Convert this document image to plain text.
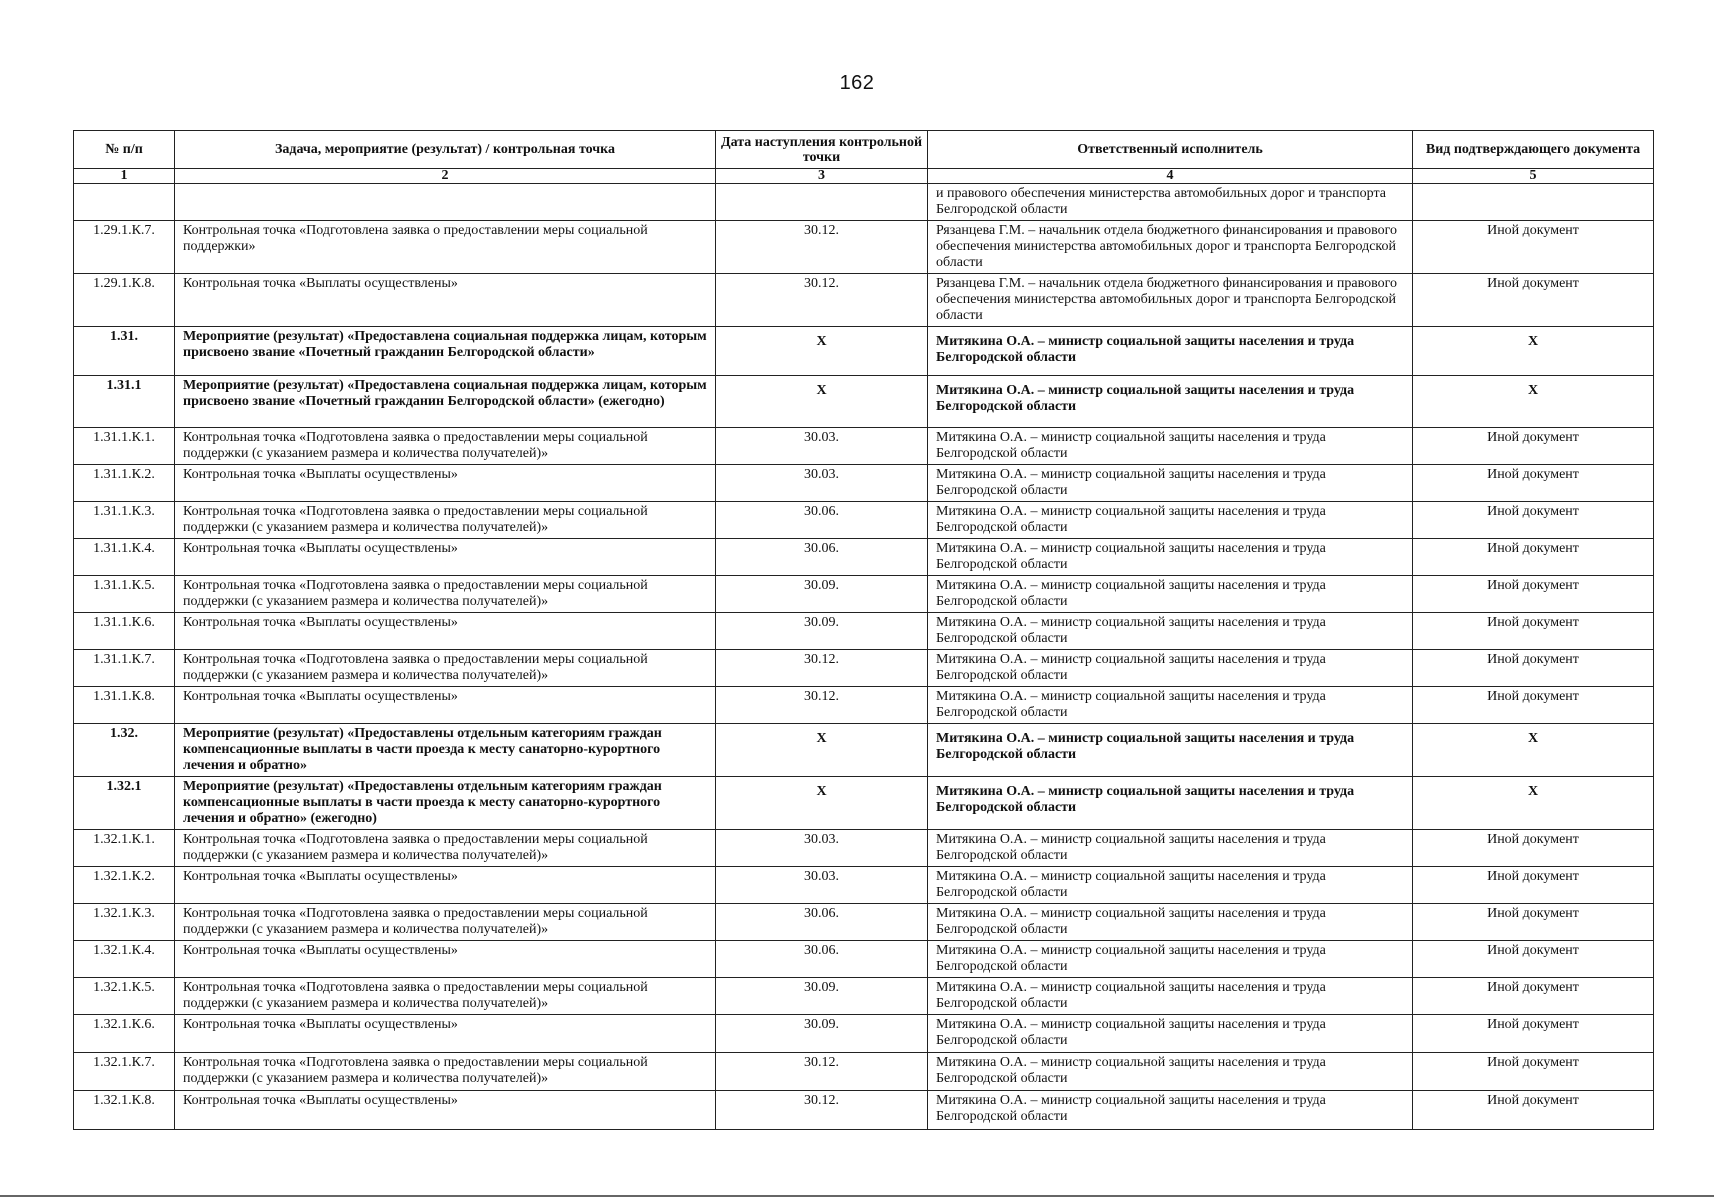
162
№ п/п	Задача, мероприятие (результат) / контрольная точка	Дата наступления контрольной точки	Ответственный исполнитель	Вид подтверждающего документа
1	2	3	4	5
			и правового обеспечения министерства автомобильных дорог и транспорта Белгородской области	
1.29.1.К.7.	Контрольная точка «Подготовлена заявка о предоставлении меры социальной поддержки»	30.12.	Рязанцева Г.М. – начальник отдела бюджетного финансирования и правового обеспечения министерства автомобильных дорог и транспорта Белгородской области	Иной документ
1.29.1.К.8.	Контрольная точка «Выплаты осуществлены»	30.12.	Рязанцева Г.М. – начальник отдела бюджетного финансирования и правового обеспечения министерства автомобильных дорог и транспорта Белгородской области	Иной документ
1.31.	Мероприятие (результат) «Предоставлена социальная поддержка лицам, которым присвоено звание «Почетный гражданин Белгородской области»	Х	Митякина О.А. – министр социальной защиты населения и труда Белгородской области	Х
1.31.1	Мероприятие (результат) «Предоставлена социальная поддержка лицам, которым присвоено звание «Почетный гражданин Белгородской области» (ежегодно)	Х	Митякина О.А. – министр социальной защиты населения и труда Белгородской области	Х
1.31.1.К.1.	Контрольная точка «Подготовлена заявка о предоставлении меры социальной поддержки (с указанием размера и количества получателей)»	30.03.	Митякина О.А. – министр социальной защиты населения и труда Белгородской области	Иной документ
1.31.1.К.2.	Контрольная точка «Выплаты осуществлены»	30.03.	Митякина О.А. – министр социальной защиты населения и труда Белгородской области	Иной документ
1.31.1.К.3.	Контрольная точка «Подготовлена заявка о предоставлении меры социальной поддержки (с указанием размера и количества получателей)»	30.06.	Митякина О.А. – министр социальной защиты населения и труда Белгородской области	Иной документ
1.31.1.К.4.	Контрольная точка «Выплаты осуществлены»	30.06.	Митякина О.А. – министр социальной защиты населения и труда Белгородской области	Иной документ
1.31.1.К.5.	Контрольная точка «Подготовлена заявка о предоставлении меры социальной поддержки (с указанием размера и количества получателей)»	30.09.	Митякина О.А. – министр социальной защиты населения и труда Белгородской области	Иной документ
1.31.1.К.6.	Контрольная точка «Выплаты осуществлены»	30.09.	Митякина О.А. – министр социальной защиты населения и труда Белгородской области	Иной документ
1.31.1.К.7.	Контрольная точка «Подготовлена заявка о предоставлении меры социальной поддержки (с указанием размера и количества получателей)»	30.12.	Митякина О.А. – министр социальной защиты населения и труда Белгородской области	Иной документ
1.31.1.К.8.	Контрольная точка «Выплаты осуществлены»	30.12.	Митякина О.А. – министр социальной защиты населения и труда Белгородской области	Иной документ
1.32.	Мероприятие (результат) «Предоставлены отдельным категориям граждан компенсационные выплаты в части проезда к месту санаторно-курортного лечения и обратно»	Х	Митякина О.А. – министр социальной защиты населения и труда Белгородской области	Х
1.32.1	Мероприятие (результат) «Предоставлены отдельным категориям граждан компенсационные выплаты в части проезда к месту санаторно-курортного лечения и обратно» (ежегодно)	Х	Митякина О.А. – министр социальной защиты населения и труда Белгородской области	Х
1.32.1.К.1.	Контрольная точка «Подготовлена заявка о предоставлении меры социальной поддержки (с указанием размера и количества получателей)»	30.03.	Митякина О.А. – министр социальной защиты населения и труда Белгородской области	Иной документ
1.32.1.К.2.	Контрольная точка «Выплаты осуществлены»	30.03.	Митякина О.А. – министр социальной защиты населения и труда Белгородской области	Иной документ
1.32.1.К.3.	Контрольная точка «Подготовлена заявка о предоставлении меры социальной поддержки (с указанием размера и количества получателей)»	30.06.	Митякина О.А. – министр социальной защиты населения и труда Белгородской области	Иной документ
1.32.1.К.4.	Контрольная точка «Выплаты осуществлены»	30.06.	Митякина О.А. – министр социальной защиты населения и труда Белгородской области	Иной документ
1.32.1.К.5.	Контрольная точка «Подготовлена заявка о предоставлении меры социальной поддержки (с указанием размера и количества получателей)»	30.09.	Митякина О.А. – министр социальной защиты населения и труда Белгородской области	Иной документ
1.32.1.К.6.	Контрольная точка «Выплаты осуществлены»	30.09.	Митякина О.А. – министр социальной защиты населения и труда Белгородской области	Иной документ
1.32.1.К.7.	Контрольная точка «Подготовлена заявка о предоставлении меры социальной поддержки (с указанием размера и количества получателей)»	30.12.	Митякина О.А. – министр социальной защиты населения и труда Белгородской области	Иной документ
1.32.1.К.8.	Контрольная точка «Выплаты осуществлены»	30.12.	Митякина О.А. – министр социальной защиты населения и труда Белгородской области	Иной документ
